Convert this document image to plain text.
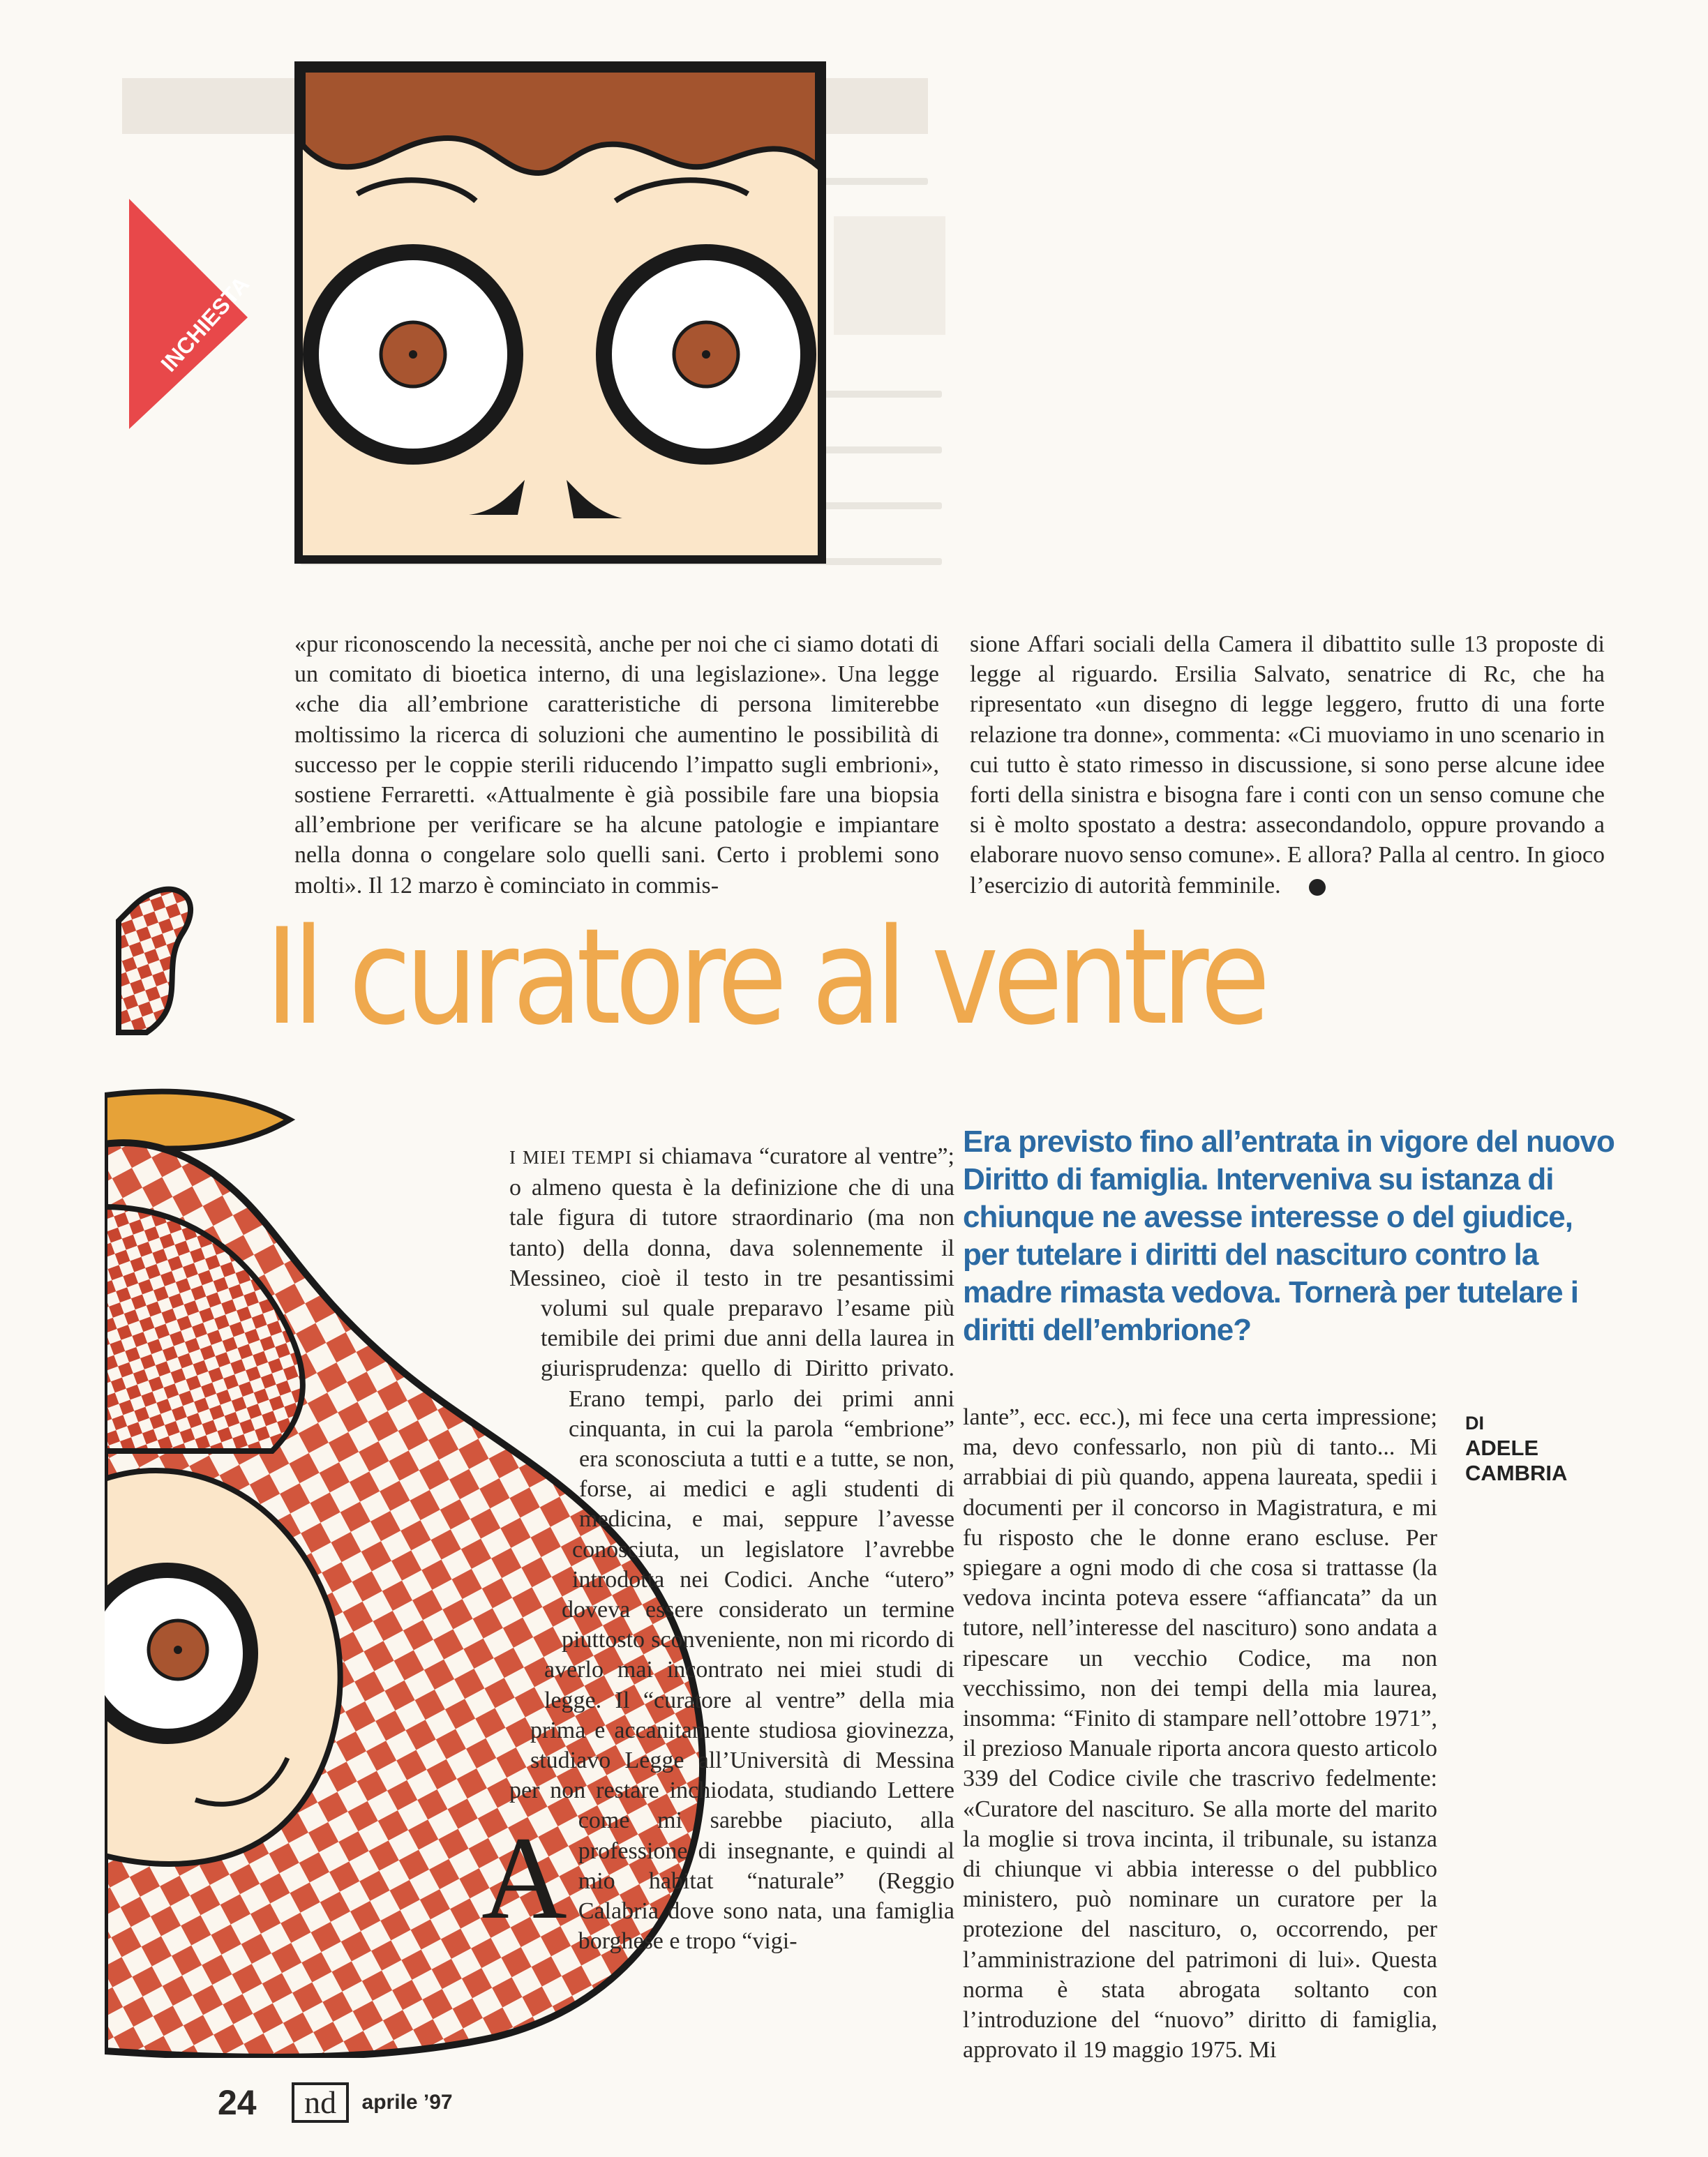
INCHIESTA

«pur riconoscendo la necessità, anche per noi che ci siamo dotati di un comitato di bioetica interno, di una legislazione». Una legge «che dia all’embrione caratteristiche di persona limiterebbe moltissimo la ricerca di soluzioni che aumentino le possibilità di successo per le coppie sterili riducendo l’impatto sugli embrioni», sostiene Ferraretti. «Attualmente è già possibile fare una biopsia all’embrione per verificare se ha alcune patologie e impiantare nella donna o congelare solo quelli sani. Certo i problemi sono molti». Il 12 marzo è cominciato in commis-

sione Affari sociali della Camera il dibattito sulle 13 proposte di legge al riguardo. Ersilia Salvato, senatrice di Rc, che ha ripresentato «un disegno di legge leggero, frutto di una forte relazione tra donne», commenta: «Ci muoviamo in uno scenario in cui tutto è stato rimesso in discussione, si sono perse alcune idee forti della sinistra e bisogna fare i conti con un senso comune che si è molto spostato a destra: assecondandolo, oppure provando a elaborare nuovo senso comune». E allora? Palla al centro. In gioco l’esercizio di autorità femminile.

Il curatore al ventre
Era previsto fino all’entrata in vigore del nuovo Diritto di famiglia. Interveniva su istanza di chiunque ne avesse interesse o del giudice, per tutelare i diritti del nascituro contro la madre rimasta vedova. Tornerà per tutelare i diritti dell’embrione?

A
I MIEI TEMPI si chiamava “curatore al ventre”; o almeno questa è la definizione che di una tale figura di tutore straordinario (ma non tanto) della donna, dava solennemente il Messineo, cioè il testo in tre pesantissimi volumi sul quale preparavo l’esame più temibile dei primi due anni della laurea in giurisprudenza: quello di Diritto privato. Erano tempi, parlo dei primi anni cinquanta, in cui la parola “embrione” era sconosciuta a tutti e a tutte, se non, forse, ai medici e agli studenti di medicina, e mai, seppure l’avesse conosciuta, un legislatore l’avrebbe introdotta nei Codici. Anche “utero” doveva essere considerato un termine piuttosto sconveniente, non mi ricordo di averlo mai incontrato nei miei studi di legge. Il “curatore al ventre” della mia prima e accanitamente studiosa giovinezza, studiavo Legge all’Università di Messina per non restare inchiodata, studiando Lettere come mi sarebbe piaciuto, alla professione di insegnante, e quindi al mio habitat “naturale” (Reggio Calabria dove sono nata, una famiglia borghese e tropo “vigi-

DI
ADELE
CAMBRIA

lante”, ecc. ecc.), mi fece una certa impressione; ma, devo confessarlo, non più di tanto... Mi arrabbiai di più quando, appena laureata, spedii i documenti per il concorso in Magistratura, e mi fu risposto che le donne erano escluse. Per spiegare a ogni modo di che cosa si trattasse (la vedova incinta poteva essere “affiancata” da un tutore, nell’interesse del nascituro) sono andata a ripescare un vecchio Codice, ma non vecchissimo, non dei tempi della mia laurea, insomma: “Finito di stampare nell’ottobre 1971”, il prezioso Manuale riporta ancora questo articolo 339 del Codice civile che trascrivo fedelmente: «Curatore del nascituro. Se alla morte del marito la moglie si trova incinta, il tribunale, su istanza di chiunque vi abbia interesse o del pubblico ministero, può nominare un curatore per la protezione del nascituro, o, occorrendo, per l’amministrazione del patrimoni di lui». Questa norma è stata abrogata soltanto con l’introduzione del “nuovo” diritto di famiglia, approvato il 19 maggio 1975. Mi

24 nd aprile ’97
